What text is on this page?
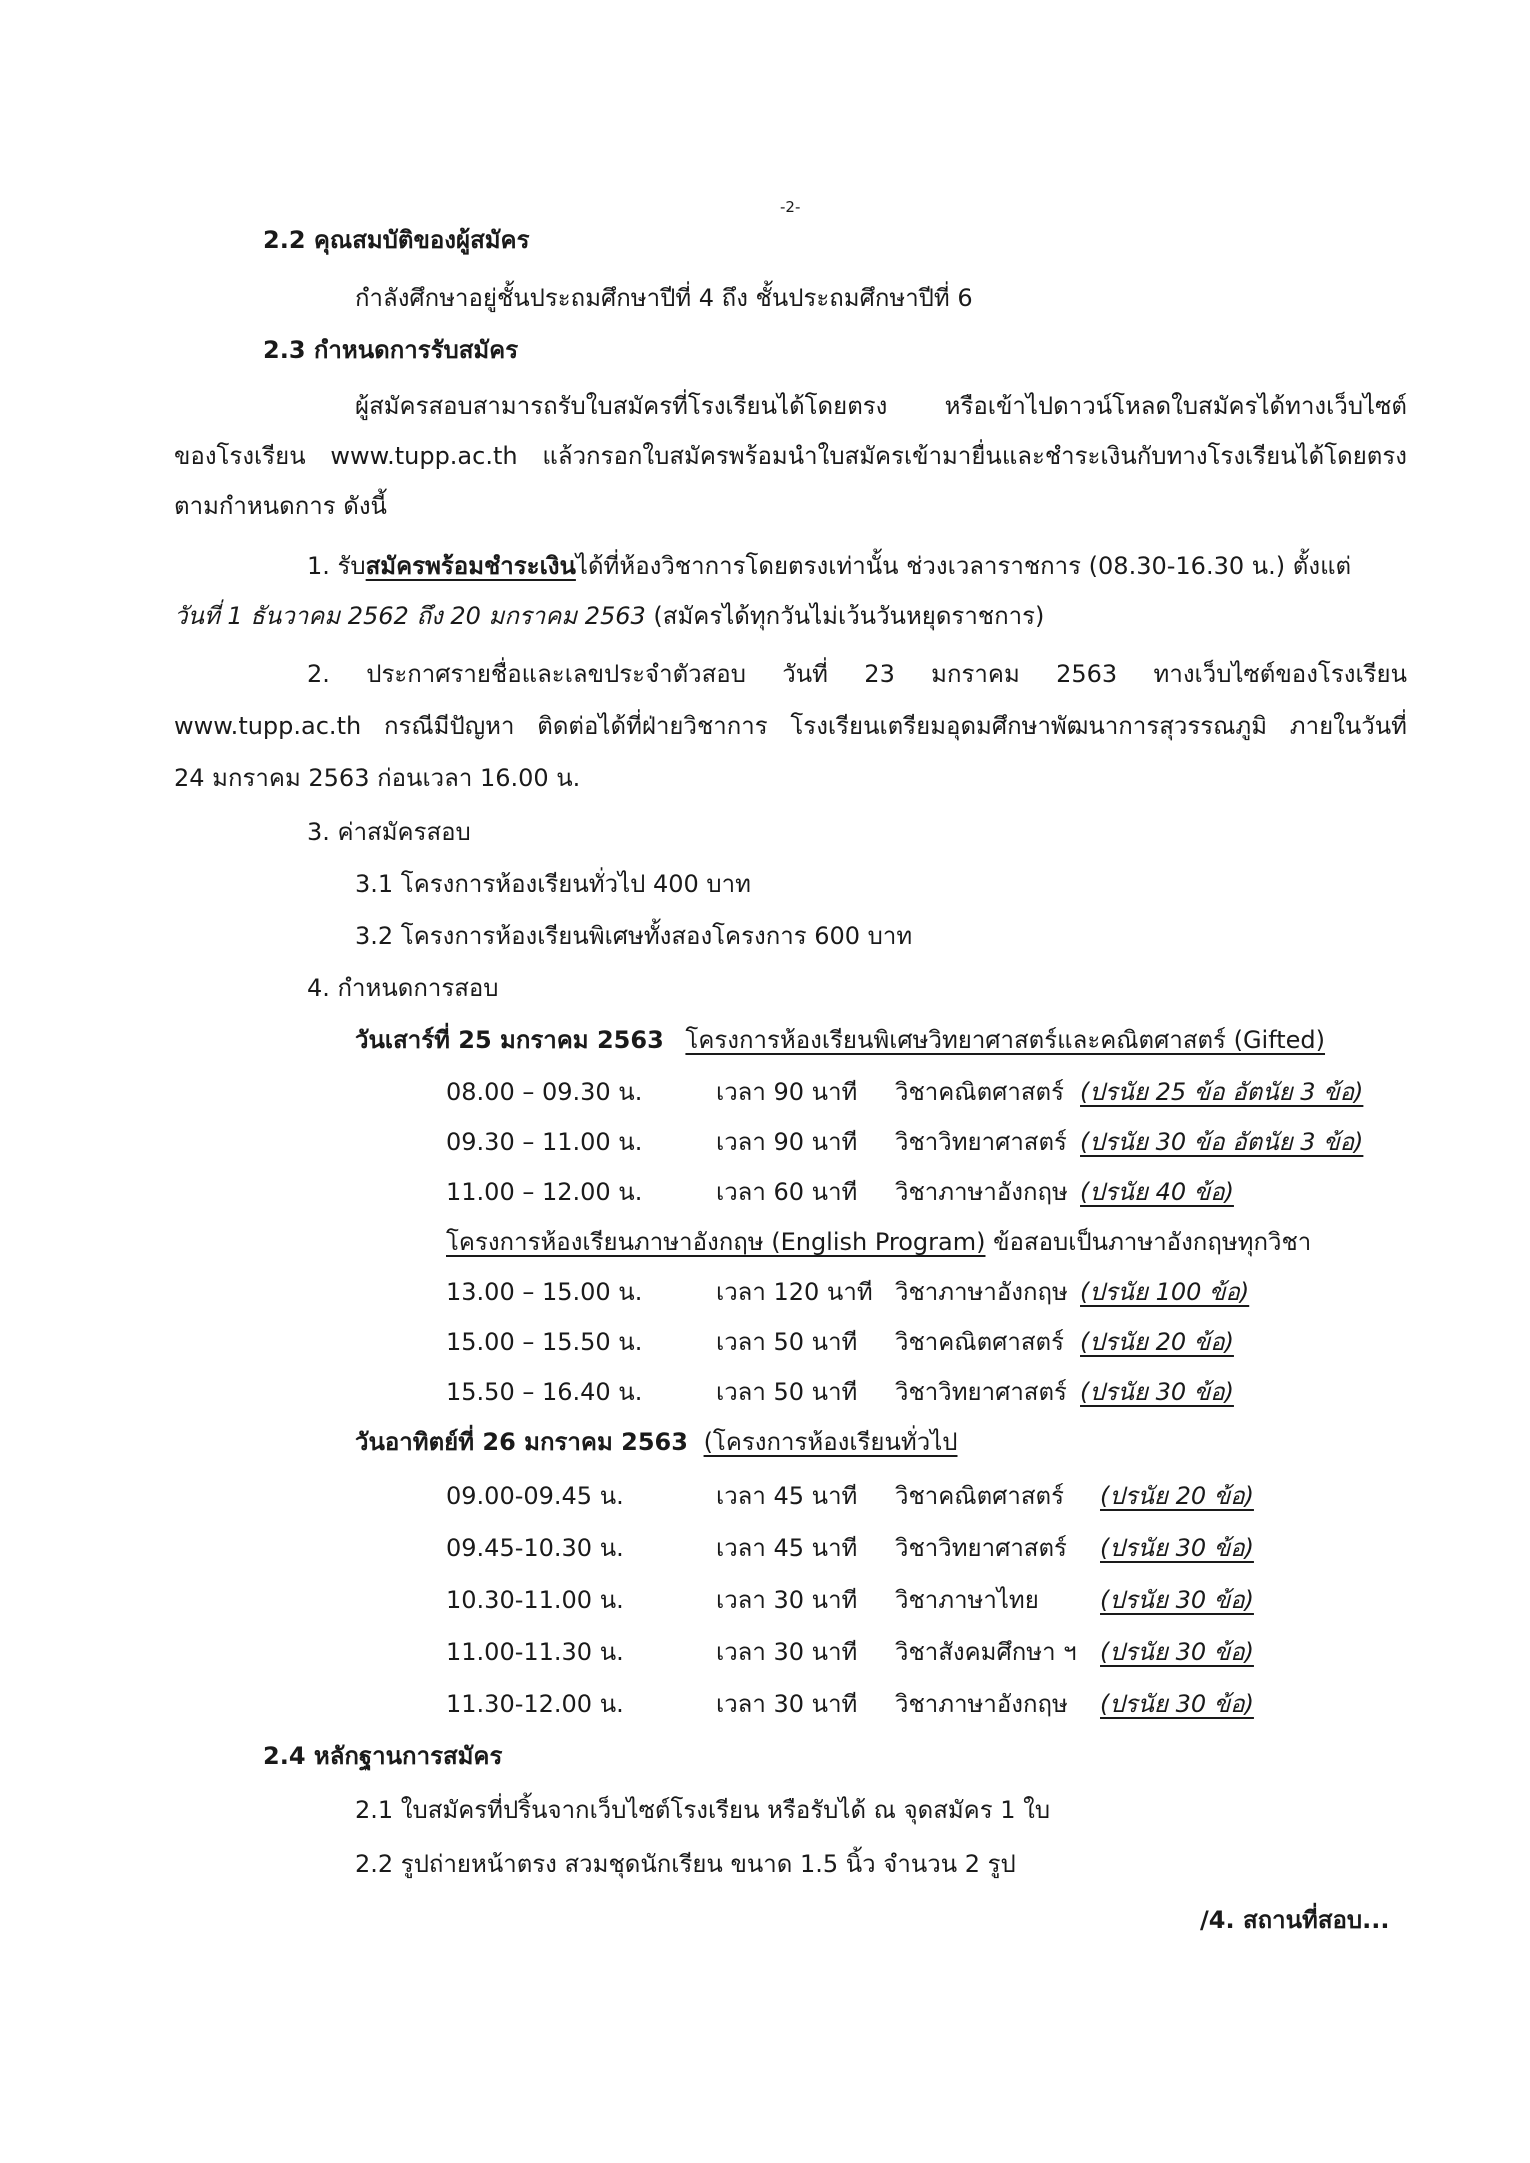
-2-
2.2 คุณสมบัติของผู้สมัคร
กำลังศึกษาอยู่ชั้นประถมศึกษาปีที่ 4 ถึง ชั้นประถมศึกษาปีที่ 6
2.3 กำหนดการรับสมัคร
ผู้สมัครสอบสามารถรับใบสมัครที่โรงเรียนได้โดยตรง หรือเข้าไปดาวน์โหลดใบสมัครได้ทางเว็บไซต์
ของโรงเรียน www.tupp.ac.th แล้วกรอกใบสมัครพร้อมนำใบสมัครเข้ามายื่นและชำระเงินกับทางโรงเรียนได้โดยตรง
ตามกำหนดการ ดังนี้
1. รับสมัครพร้อมชำระเงินได้ที่ห้องวิชาการโดยตรงเท่านั้น ช่วงเวลาราชการ (08.30-16.30 น.) ตั้งแต่
วันที่ 1 ธันวาคม 2562 ถึง 20 มกราคม 2563 (สมัครได้ทุกวันไม่เว้นวันหยุดราชการ)
2. ประกาศรายชื่อและเลขประจำตัวสอบ วันที่ 23 มกราคม 2563 ทางเว็บไซต์ของโรงเรียน
www.tupp.ac.th กรณีมีปัญหา ติดต่อได้ที่ฝ่ายวิชาการ โรงเรียนเตรียมอุดมศึกษาพัฒนาการสุวรรณภูมิ ภายในวันที่
24 มกราคม 2563 ก่อนเวลา 16.00 น.
3. ค่าสมัครสอบ
3.1 โครงการห้องเรียนทั่วไป 400 บาท
3.2 โครงการห้องเรียนพิเศษทั้งสองโครงการ 600 บาท
4. กำหนดการสอบ
วันเสาร์ที่ 25 มกราคม 2563 โครงการห้องเรียนพิเศษวิทยาศาสตร์และคณิตศาสตร์ (Gifted)
08.00 – 09.30 น.	เวลา 90 นาที วิชาคณิตศาสตร์ (ปรนัย 25 ข้อ อัตนัย 3 ข้อ)
09.30 – 11.00 น.	เวลา 90 นาที วิชาวิทยาศาสตร์ (ปรนัย 30 ข้อ อัตนัย 3 ข้อ)
11.00 – 12.00 น.	เวลา 60 นาที วิชาภาษาอังกฤษ (ปรนัย 40 ข้อ)
โครงการห้องเรียนภาษาอังกฤษ (English Program) ข้อสอบเป็นภาษาอังกฤษทุกวิชา
13.00 – 15.00 น.	เวลา 120 นาที วิชาภาษาอังกฤษ (ปรนัย 100 ข้อ)
15.00 – 15.50 น.	เวลา 50 นาที วิชาคณิตศาสตร์ (ปรนัย 20 ข้อ)
15.50 – 16.40 น.	เวลา 50 นาที วิชาวิทยาศาสตร์ (ปรนัย 30 ข้อ)
วันอาทิตย์ที่ 26 มกราคม 2563 (โครงการห้องเรียนทั่วไป
09.00-09.45 น.	เวลา 45 นาที วิชาคณิตศาสตร์ (ปรนัย 20 ข้อ)
09.45-10.30 น.	เวลา 45 นาที วิชาวิทยาศาสตร์ (ปรนัย 30 ข้อ)
10.30-11.00 น.	เวลา 30 นาที วิชาภาษาไทย	(ปรนัย 30 ข้อ)
11.00-11.30 น.	เวลา 30 นาที วิชาสังคมศึกษา ฯ (ปรนัย 30 ข้อ)
11.30-12.00 น.	เวลา 30 นาที วิชาภาษาอังกฤษ (ปรนัย 30 ข้อ)
2.4 หลักฐานการสมัคร
2.1 ใบสมัครที่ปริ้นจากเว็บไซต์โรงเรียน หรือรับได้ ณ จุดสมัคร 1 ใบ
2.2 รูปถ่ายหน้าตรง สวมชุดนักเรียน ขนาด 1.5 นิ้ว จำนวน 2 รูป
/4. สถานที่สอบ...
